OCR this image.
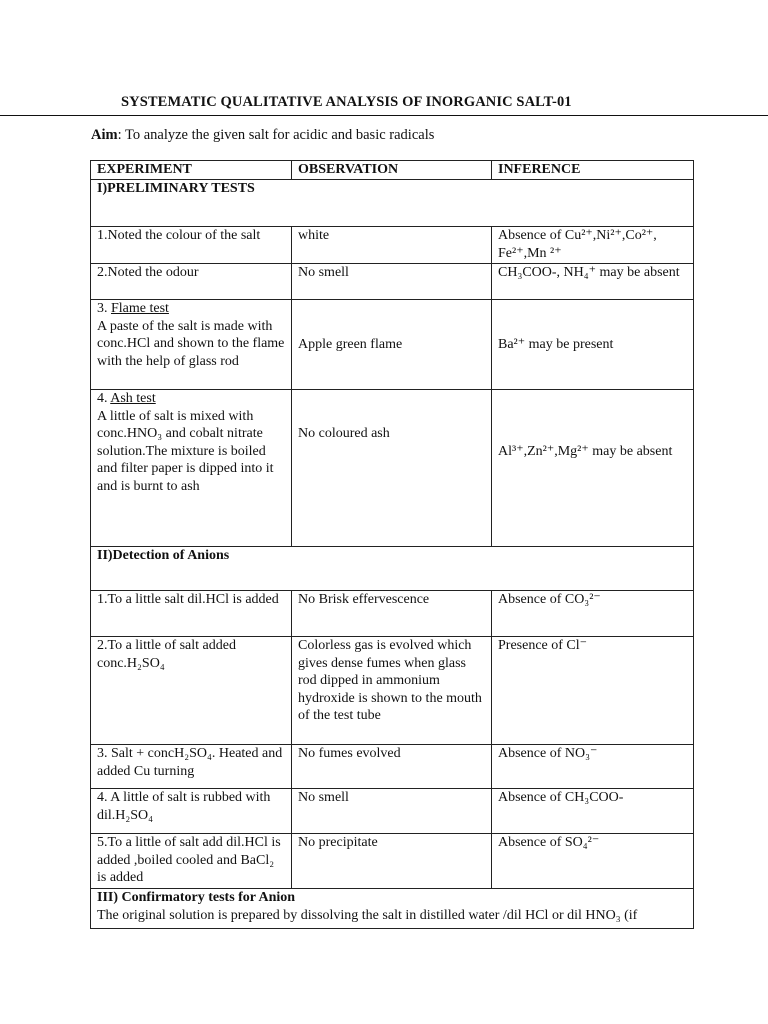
SYSTEMATIC QUALITATIVE ANALYSIS OF INORGANIC SALT-01
Aim: To analyze the given salt for acidic and basic radicals
EXPERIMENT	OBSERVATION	INFERENCE
I)PRELIMINARY TESTS		
1.Noted the colour of the salt	white	Absence of Cu²⁺,Ni²⁺,Co²⁺, Fe²⁺,Mn ²⁺
2.Noted the odour	No smell	CH₃COO-, NH₄⁺ may be absent
3. Flame test
A paste of the salt is made with conc.HCl and shown to the flame with the help of glass rod	Apple green flame	Ba²⁺ may be present
4. Ash test
A little of salt is mixed with conc.HNO₃ and cobalt nitrate solution.The mixture is boiled and filter paper is dipped into it and is burnt to ash	No coloured ash	Al³⁺,Zn²⁺,Mg²⁺ may be absent
II)Detection of Anions		
1.To a little salt dil.HCl is added	No Brisk effervescence	Absence of CO₃²⁻
2.To a little of salt added conc.H₂SO₄	Colorless gas is evolved which gives dense fumes when glass rod dipped in ammonium hydroxide is shown to the mouth of the test tube	Presence of Cl⁻
3. Salt + concH₂SO₄. Heated and added Cu turning	No fumes evolved	Absence of NO₃⁻
4. A little of salt is rubbed with dil.H₂SO₄	No smell	Absence of CH₃COO-
5.To a little of salt add dil.HCl is added ,boiled cooled and BaCl₂ is added	No precipitate	Absence of SO₄²⁻
III) Confirmatory tests for Anion
The original solution is prepared by dissolving the salt in distilled water /dil HCl or dil HNO₃ (if		
